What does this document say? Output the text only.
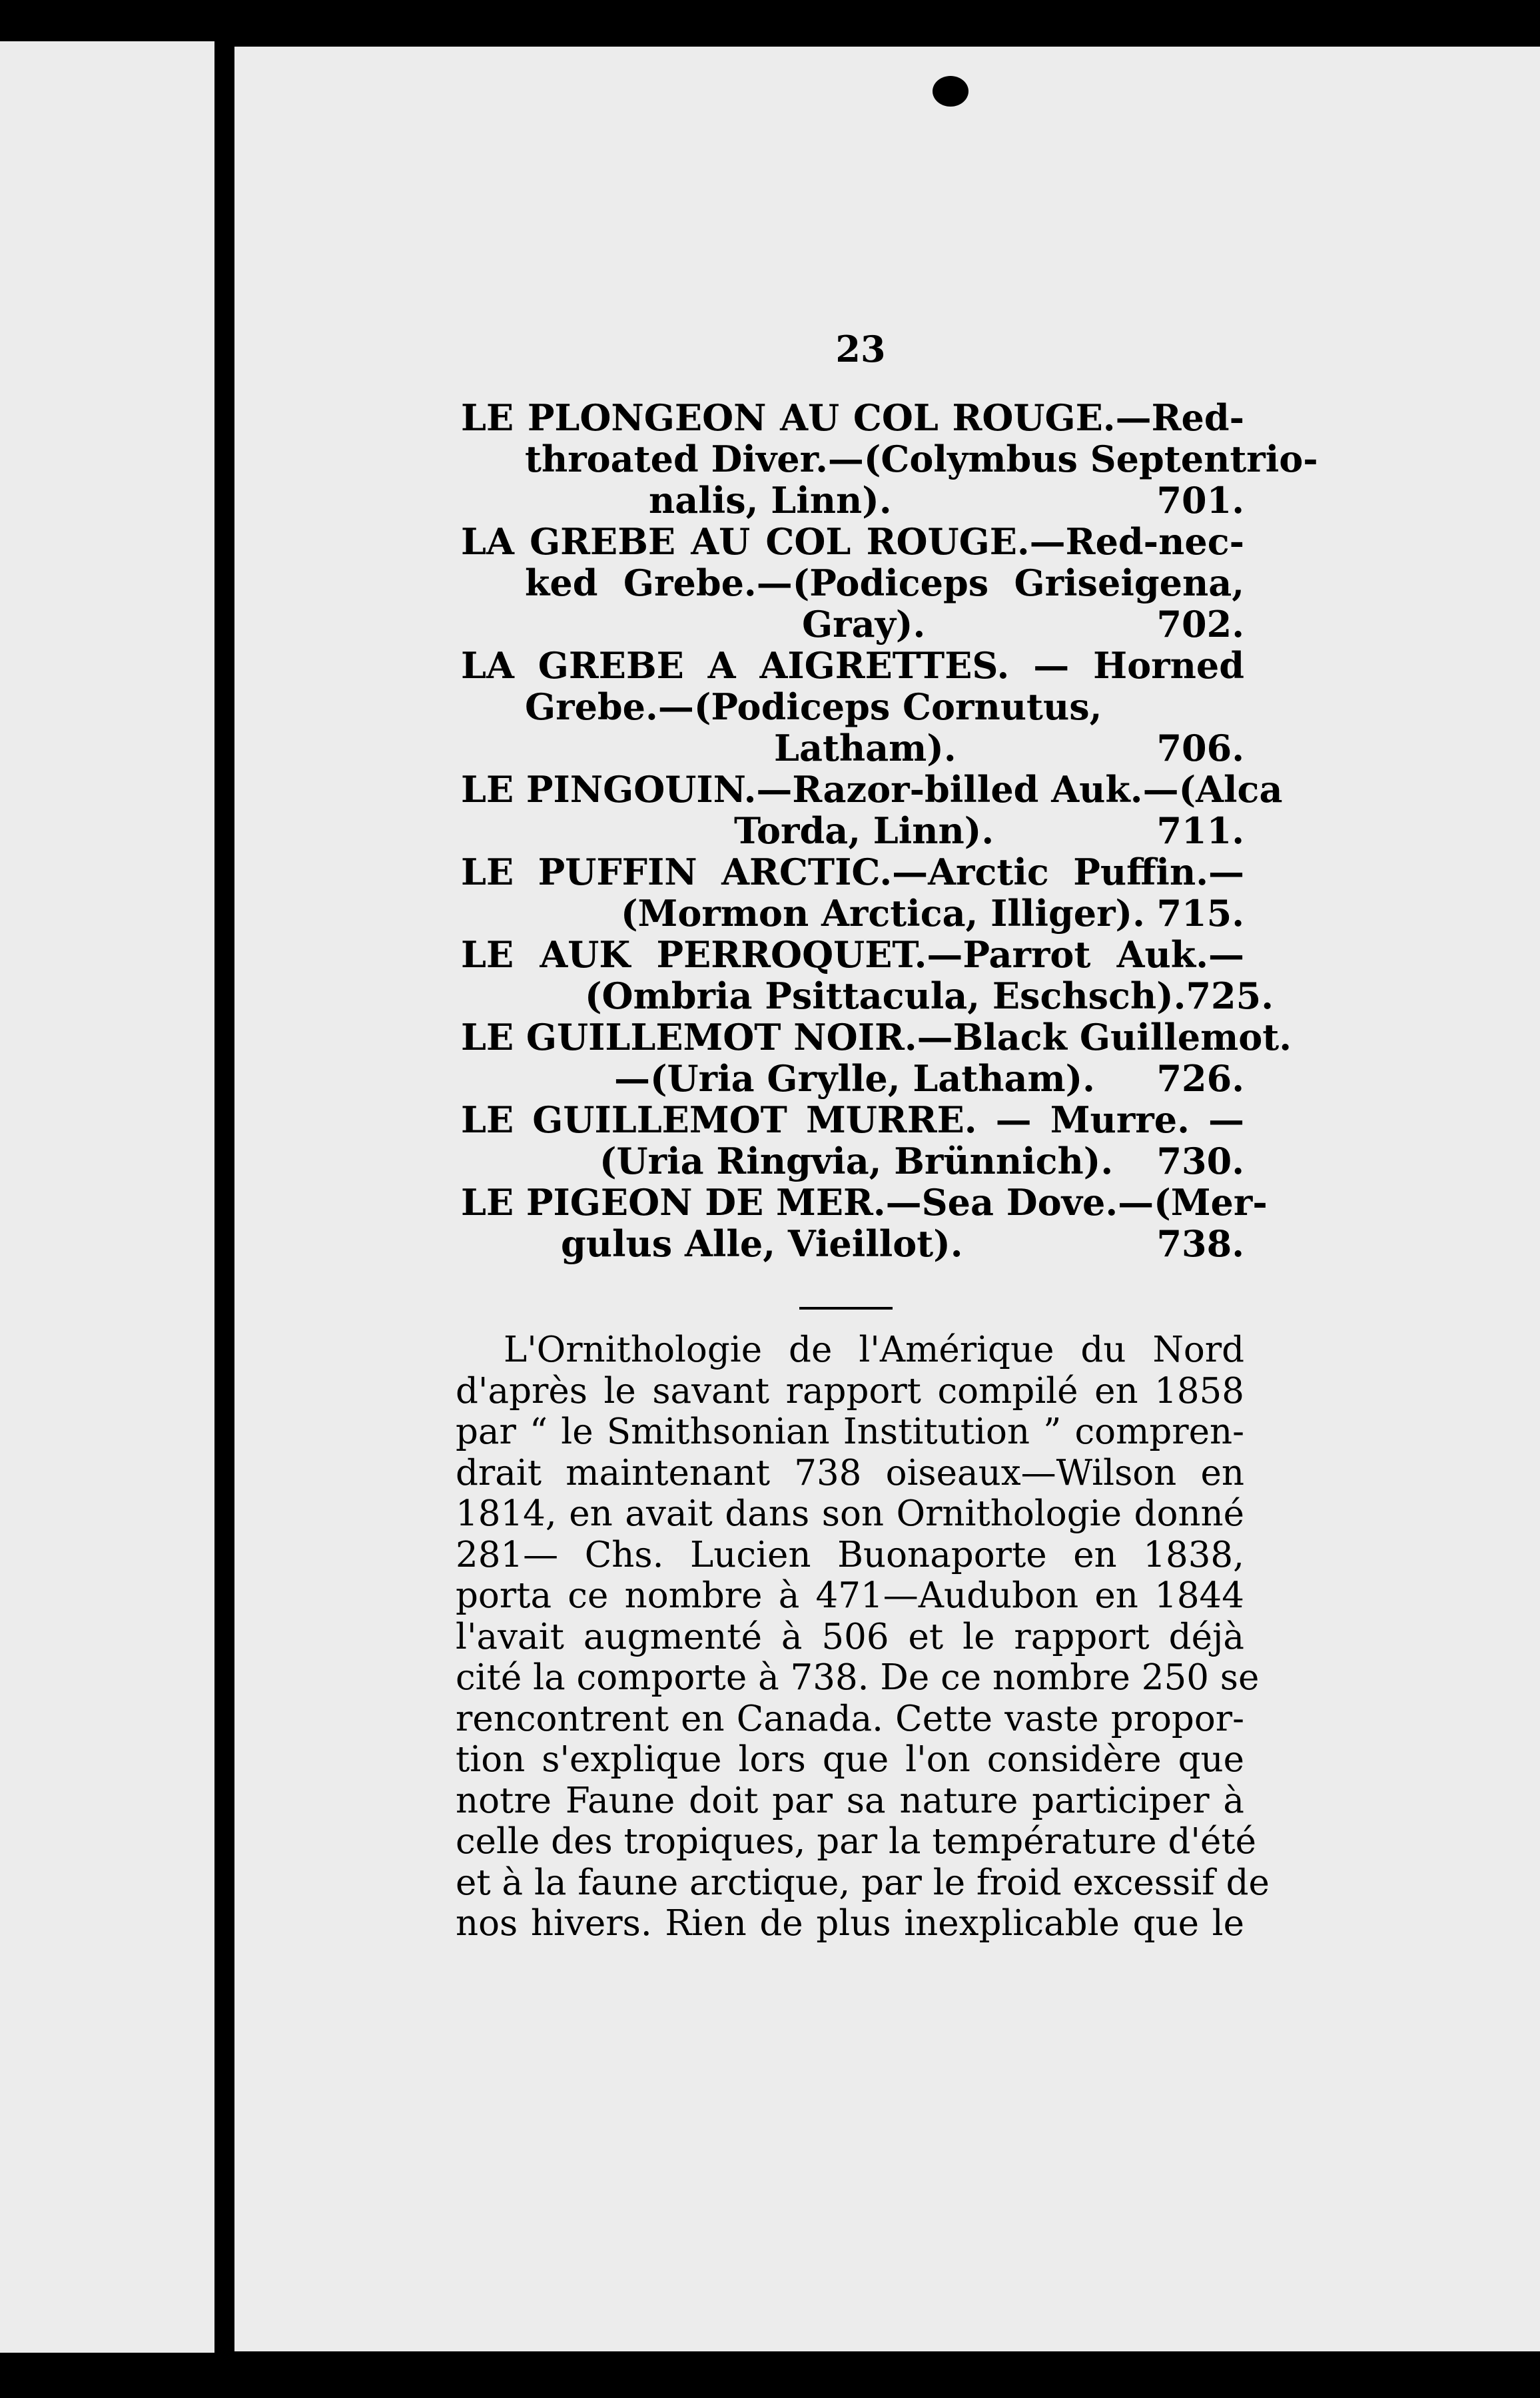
23
LE PLONGEON AU COL ROUGE.—Red-
throated Diver.—(Colymbus Septentrio-
nalis, Linn).	701.
LA GREBE AU COL ROUGE.—Red-nec-
ked Grebe.—(Podiceps Griseigena,
Gray).	702.
LA GREBE A AIGRETTES. — Horned
Grebe.—(Podiceps Cornutus,
Latham).	706.
LE PINGOUIN.—Razor-billed Auk.—(Alca
Torda, Linn).	711.
LE PUFFIN ARCTIC.—Arctic Puffin.—
(Mormon Arctica, Illiger). 715.
LE AUK PERROQUET.—Parrot Auk.—
(Ombria Psittacula, Eschsch). 725.
LE GUILLEMOT NOIR.—Black Guillemot.
—(Uria Grylle, Latham). 726.
LE GUILLEMOT MURRE. — Murre. —
(Uria Ringvia, Brünnich). 730.
LE PIGEON DE MER.—Sea Dove.—(Mer-
gulus Alle, Vieillot).	738.
L'Ornithologie de l'Amérique du Nord
d'après le savant rapport compilé en 1858
par “ le Smithsonian Institution ” compren-
drait maintenant 738 oiseaux—Wilson en
1814, en avait dans son Ornithologie donné
281— Chs. Lucien Buonaporte en 1838,
porta ce nombre à 471—Audubon en 1844
l'avait augmenté à 506 et le rapport déjà
cité la comporte à 738. De ce nombre 250 se
rencontrent en Canada. Cette vaste propor-
tion s'explique lors que l'on considère que
notre Faune doit par sa nature participer à
celle des tropiques, par la température d'été
et à la faune arctique, par le froid excessif de
nos hivers. Rien de plus inexplicable que le
